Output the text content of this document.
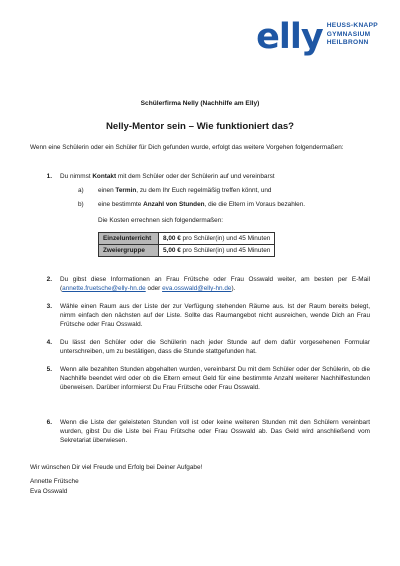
elly HEUSS-KNAPP
GYMNASIUM
HEILBRONN
Schülerfirma Nelly (Nachhilfe am Elly)
Nelly-Mentor sein – Wie funktioniert das?
Wenn eine Schülerin oder ein Schüler für Dich gefunden wurde, erfolgt das weitere Vorgehen folgendermaßen:
1.	Du nimmst Kontakt mit dem Schüler oder der Schülerin auf und vereinbarst
a)	einen Termin, zu dem Ihr Euch regelmäßig treffen könnt, und
b)	eine bestimmte Anzahl von Stunden, die die Eltern im Voraus bezahlen.
Die Kosten errechnen sich folgendermaßen:
Einzelunterricht	8,00 € pro Schüler(in) und 45 Minuten
Zweiergruppe	5,00 € pro Schüler(in) und 45 Minuten
2.	Du gibst diese Informationen an Frau Frütsche oder Frau Osswald weiter, am besten per E-Mail (annette.fruetsche@elly-hn.de oder eva.osswald@elly-hn.de).
3.	Wähle einen Raum aus der Liste der zur Verfügung stehenden Räume aus. Ist der Raum bereits belegt, nimm einfach den nächsten auf der Liste. Sollte das Raumangebot nicht ausreichen, wende Dich an Frau Frütsche oder Frau Osswald.
4.	Du lässt den Schüler oder die Schülerin nach jeder Stunde auf dem dafür vorgesehenen Formular unterschreiben, um zu bestätigen, dass die Stunde stattgefunden hat.
5.	Wenn alle bezahlten Stunden abgehalten wurden, vereinbarst Du mit dem Schüler oder der Schülerin, ob die Nachhilfe beendet wird oder ob die Eltern erneut Geld für eine bestimmte Anzahl weiterer Nachhilfestunden überweisen. Darüber informierst Du Frau Frütsche oder Frau Osswald.
6.	Wenn die Liste der geleisteten Stunden voll ist oder keine weiteren Stunden mit den Schülern vereinbart wurden, gibst Du die Liste bei Frau Frütsche oder Frau Osswald ab. Das Geld wird anschließend vom Sekretariat überwiesen.
Wir wünschen Dir viel Freude und Erfolg bei Deiner Aufgabe!
Annette Frütsche
Eva Osswald
